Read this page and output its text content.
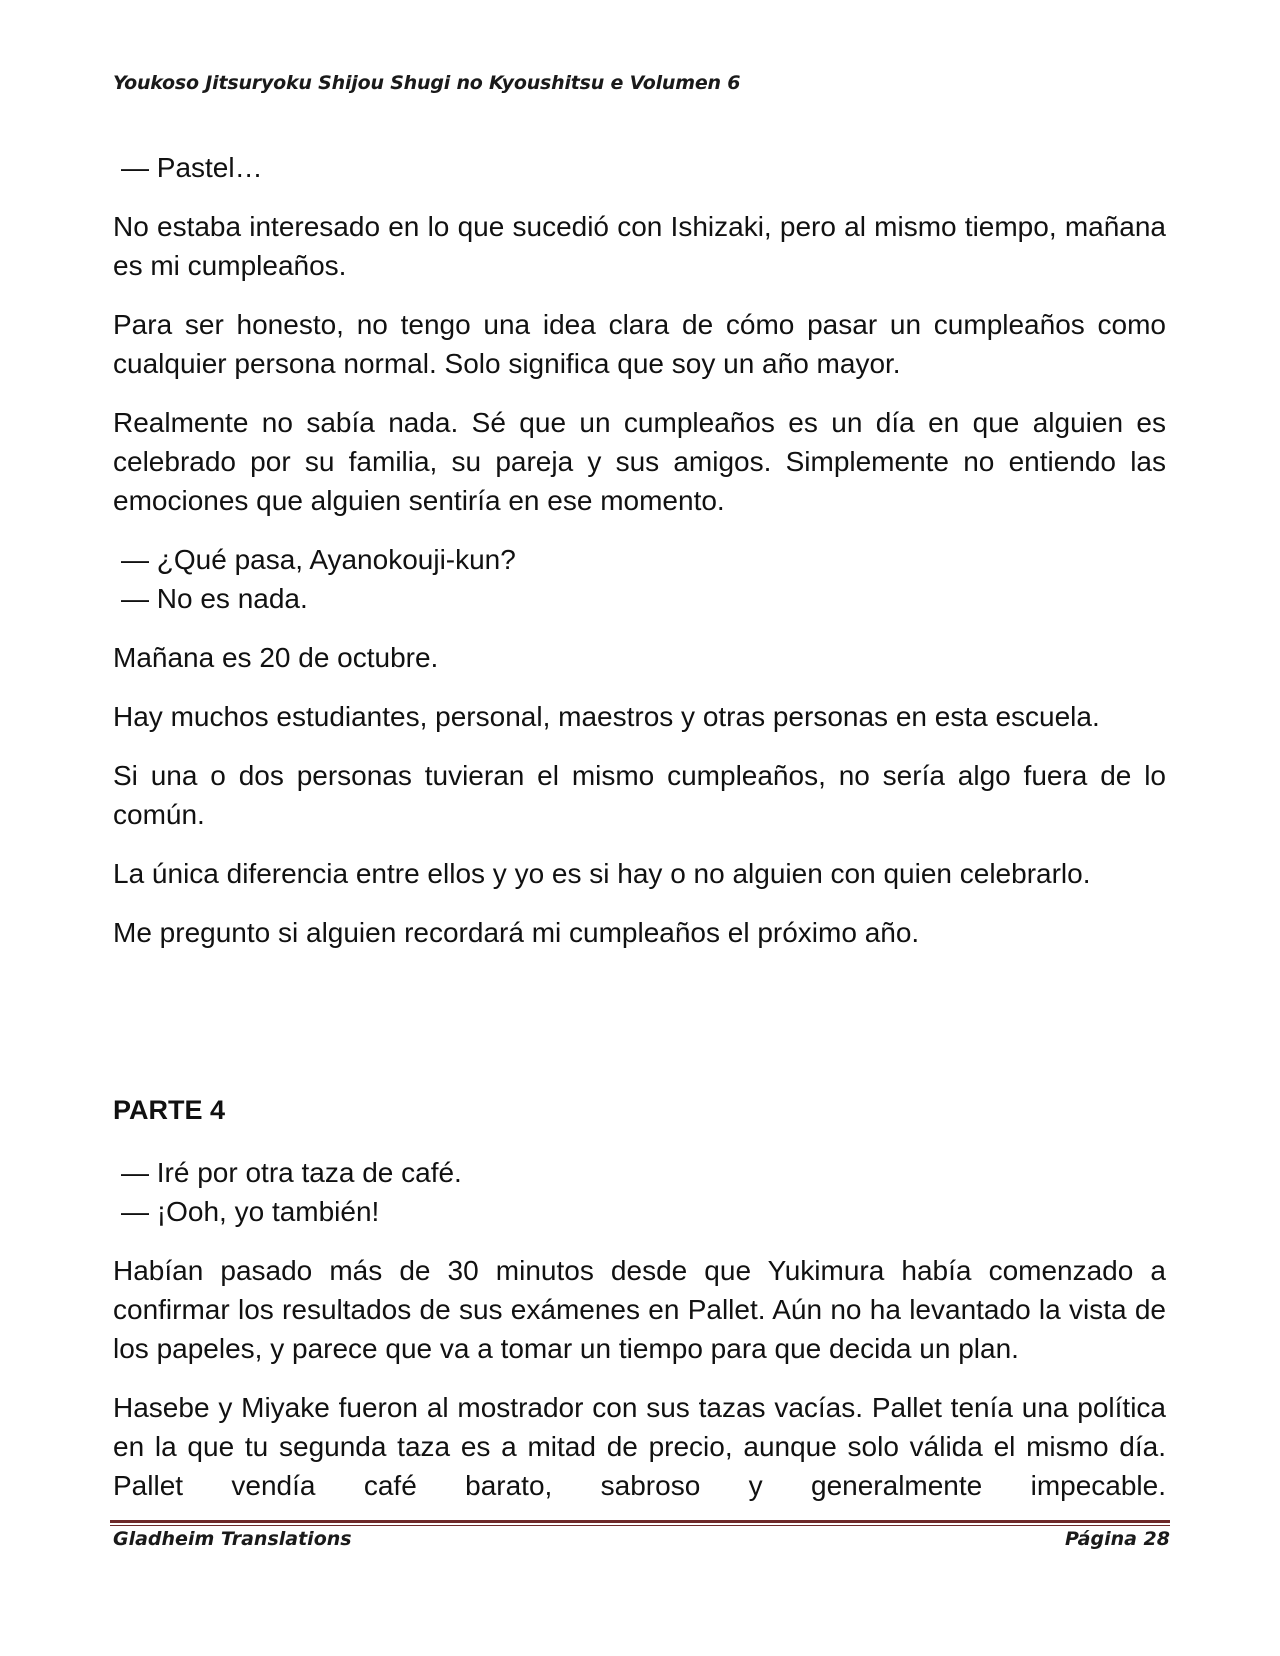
Youkoso Jitsuryoku Shijou Shugi no Kyoushitsu e Volumen 6
— Pastel…

No estaba interesado en lo que sucedió con Ishizaki, pero al mismo tiempo, mañana es mi cumpleaños.

Para ser honesto, no tengo una idea clara de cómo pasar un cumpleaños como cualquier persona normal. Solo significa que soy un año mayor.

Realmente no sabía nada. Sé que un cumpleaños es un día en que alguien es celebrado por su familia, su pareja y sus amigos. Simplemente no entiendo las emociones que alguien sentiría en ese momento.

— ¿Qué pasa, Ayanokouji-kun?
— No es nada.

Mañana es 20 de octubre.

Hay muchos estudiantes, personal, maestros y otras personas en esta escuela.

Si una o dos personas tuvieran el mismo cumpleaños, no sería algo fuera de lo común.

La única diferencia entre ellos y yo es si hay o no alguien con quien celebrarlo.

Me pregunto si alguien recordará mi cumpleaños el próximo año.

PARTE 4
— Iré por otra taza de café.
— ¡Ooh, yo también!

Habían pasado más de 30 minutos desde que Yukimura había comenzado a confirmar los resultados de sus exámenes en Pallet. Aún no ha levantado la vista de los papeles, y parece que va a tomar un tiempo para que decida un plan.

Hasebe y Miyake fueron al mostrador con sus tazas vacías. Pallet tenía una política en la que tu segunda taza es a mitad de precio, aunque solo válida el mismo día. Pallet vendía café barato, sabroso y generalmente impecable.

Gladheim Translations	Página 28
